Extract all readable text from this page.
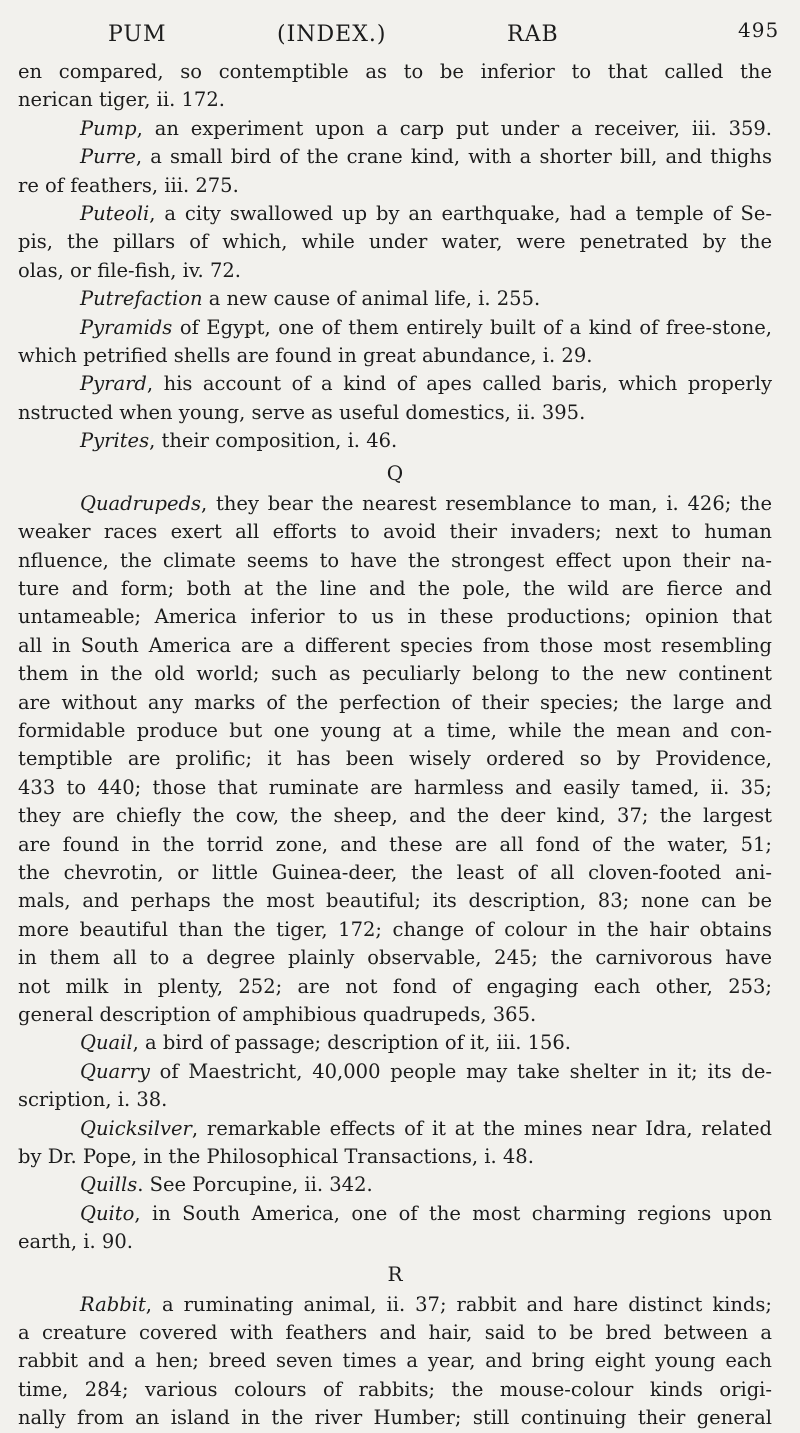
PUM	(INDEX.)	RAB	495
en compared, so contemptible as to be inferior to that called the
nerican tiger, ii. 172.
Pump, an experiment upon a carp put under a receiver, iii. 359.
Purre, a small bird of the crane kind, with a shorter bill, and thighs
re of feathers, iii. 275.
Puteoli, a city swallowed up by an earthquake, had a temple of Se-
pis, the pillars of which, while under water, were penetrated by the
olas, or file-fish, iv. 72.
Putrefaction a new cause of animal life, i. 255.
Pyramids of Egypt, one of them entirely built of a kind of free-stone,
which petrified shells are found in great abundance, i. 29.
Pyrard, his account of a kind of apes called baris, which properly
nstructed when young, serve as useful domestics, ii. 395.
Pyrites, their composition, i. 46.
Q
Quadrupeds, they bear the nearest resemblance to man, i. 426; the
weaker races exert all efforts to avoid their invaders; next to human
nfluence, the climate seems to have the strongest effect upon their na-
ture and form; both at the line and the pole, the wild are fierce and
untameable; America inferior to us in these productions; opinion that
all in South America are a different species from those most resembling
them in the old world; such as peculiarly belong to the new continent
are without any marks of the perfection of their species; the large and
formidable produce but one young at a time, while the mean and con-
temptible are prolific; it has been wisely ordered so by Providence,
433 to 440; those that ruminate are harmless and easily tamed, ii. 35;
they are chiefly the cow, the sheep, and the deer kind, 37; the largest
are found in the torrid zone, and these are all fond of the water, 51;
the chevrotin, or little Guinea-deer, the least of all cloven-footed ani-
mals, and perhaps the most beautiful; its description, 83; none can be
more beautiful than the tiger, 172; change of colour in the hair obtains
in them all to a degree plainly observable, 245; the carnivorous have
not milk in plenty, 252; are not fond of engaging each other, 253;
general description of amphibious quadrupeds, 365.
Quail, a bird of passage; description of it, iii. 156.
Quarry of Maestricht, 40,000 people may take shelter in it; its de-
scription, i. 38.
Quicksilver, remarkable effects of it at the mines near Idra, related
by Dr. Pope, in the Philosophical Transactions, i. 48.
Quills. See Porcupine, ii. 342.
Quito, in South America, one of the most charming regions upon
earth, i. 90.
R
Rabbit, a ruminating animal, ii. 37; rabbit and hare distinct kinds;
a creature covered with feathers and hair, said to be bred between a
rabbit and a hen; breed seven times a year, and bring eight young each
time, 284; various colours of rabbits; the mouse-colour kinds origi-
nally from an island in the river Humber; still continuing their general
